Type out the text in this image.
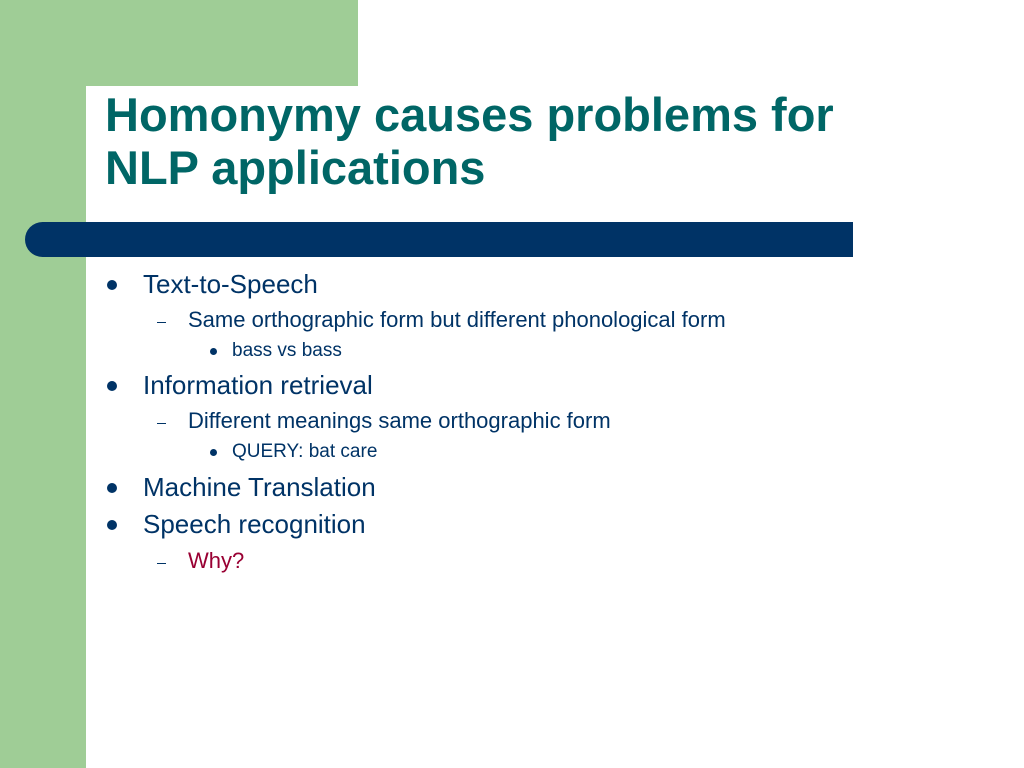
Homonymy causes problems for
NLP applications
Text-to-Speech
Same orthographic form but different phonological form
bass vs bass
Information retrieval
Different meanings same orthographic form
QUERY: bat care
Machine Translation
Speech recognition
Why?
